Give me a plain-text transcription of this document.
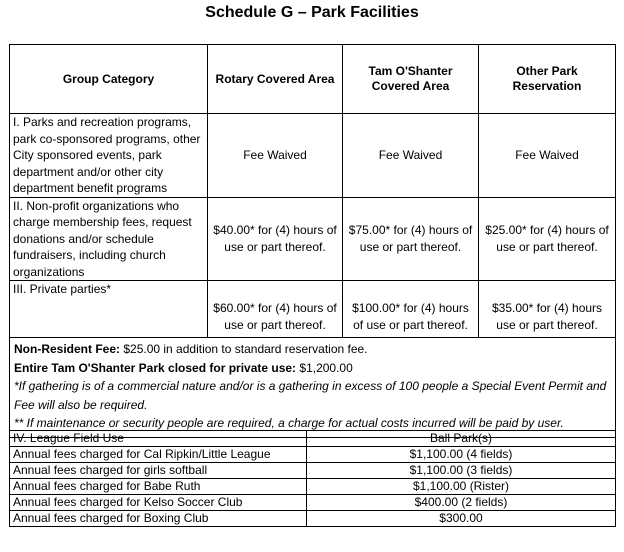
Schedule G – Park Facilities
Group Category	Rotary Covered Area	Tam O'Shanter Covered Area	Other Park Reservation
I. Parks and recreation programs, park co-sponsored programs, other City sponsored events, park department and/or other city department benefit programs	Fee Waived	Fee Waived	Fee Waived
II. Non-profit organizations who charge membership fees, request donations and/or schedule fundraisers, including church organizations	$40.00* for (4) hours of use or part thereof.	$75.00* for (4) hours of use or part thereof.	$25.00* for (4) hours of use or part thereof.
III. Private parties*	$60.00* for (4) hours of use or part thereof.	$100.00* for (4) hours of use or part thereof.	$35.00* for (4) hours use or part thereof.

Non-Resident Fee: $25.00 in addition to standard reservation fee.
Entire Tam O'Shanter Park closed for private use: $1,200.00
*If gathering is of a commercial nature and/or is a gathering in excess of 100 people a Special Event Permit and Fee will also be required.
** If maintenance or security people are required, a charge for actual costs incurred will be paid by user.			
IV. League Field Use	Ball Park(s)
Annual fees charged for Cal Ripkin/Little League	$1,100.00 (4 fields)
Annual fees charged for girls softball	$1,100.00 (3 fields)
Annual fees charged for Babe Ruth	$1,100.00 (Rister)
Annual fees charged for Kelso Soccer Club	$400.00 (2 fields)
Annual fees charged for Boxing Club	$300.00
